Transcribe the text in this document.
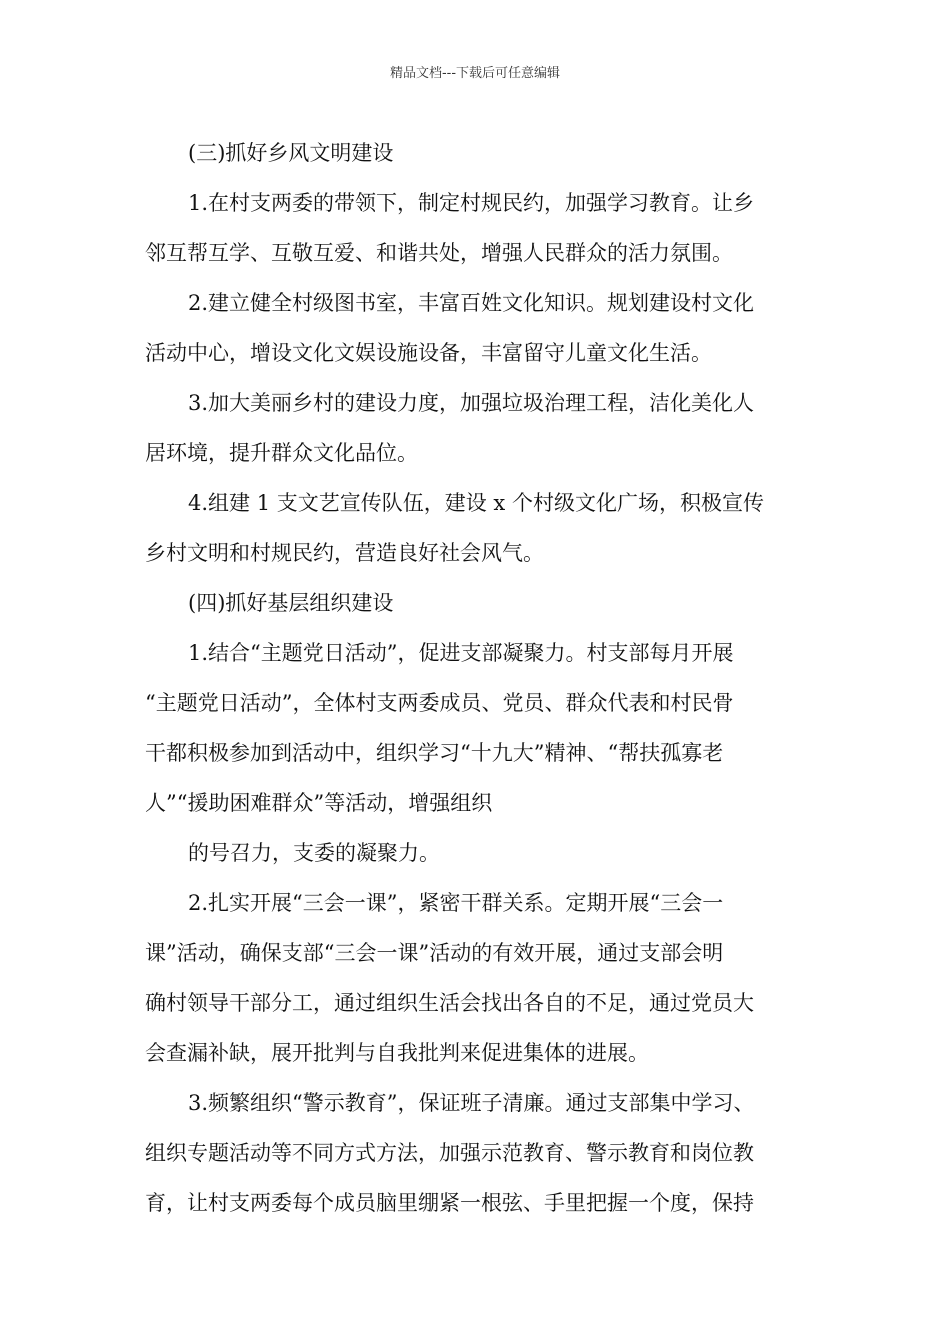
精品文档---下载后可任意编辑

(三)抓好乡风文明建设

1.在村支两委的带领下，制定村规民约，加强学习教育。让乡

邻互帮互学、互敬互爱、和谐共处，增强人民群众的活力氛围。

2.建立健全村级图书室，丰富百姓文化知识。规划建设村文化

活动中心，增设文化文娱设施设备，丰富留守儿童文化生活。

3.加大美丽乡村的建设力度，加强垃圾治理工程，洁化美化人

居环境，提升群众文化品位。

4.组建 1 支文艺宣传队伍，建设 x 个村级文化广场，积极宣传

乡村文明和村规民约，营造良好社会风气。

(四)抓好基层组织建设

1.结合“主题党日活动”，促进支部凝聚力。村支部每月开展

“主题党日活动”，全体村支两委成员、党员、群众代表和村民骨

干都积极参加到活动中，组织学习“十九大”精神、“帮扶孤寡老

人”“援助困难群众”等活动，增强组织

的号召力，支委的凝聚力。

2.扎实开展“三会一课”，紧密干群关系。定期开展“三会一

课”活动，确保支部“三会一课”活动的有效开展，通过支部会明

确村领导干部分工，通过组织生活会找出各自的不足，通过党员大

会查漏补缺，展开批判与自我批判来促进集体的进展。

3.频繁组织“警示教育”，保证班子清廉。通过支部集中学习、

组织专题活动等不同方式方法，加强示范教育、警示教育和岗位教

育，让村支两委每个成员脑里绷紧一根弦、手里把握一个度，保持
